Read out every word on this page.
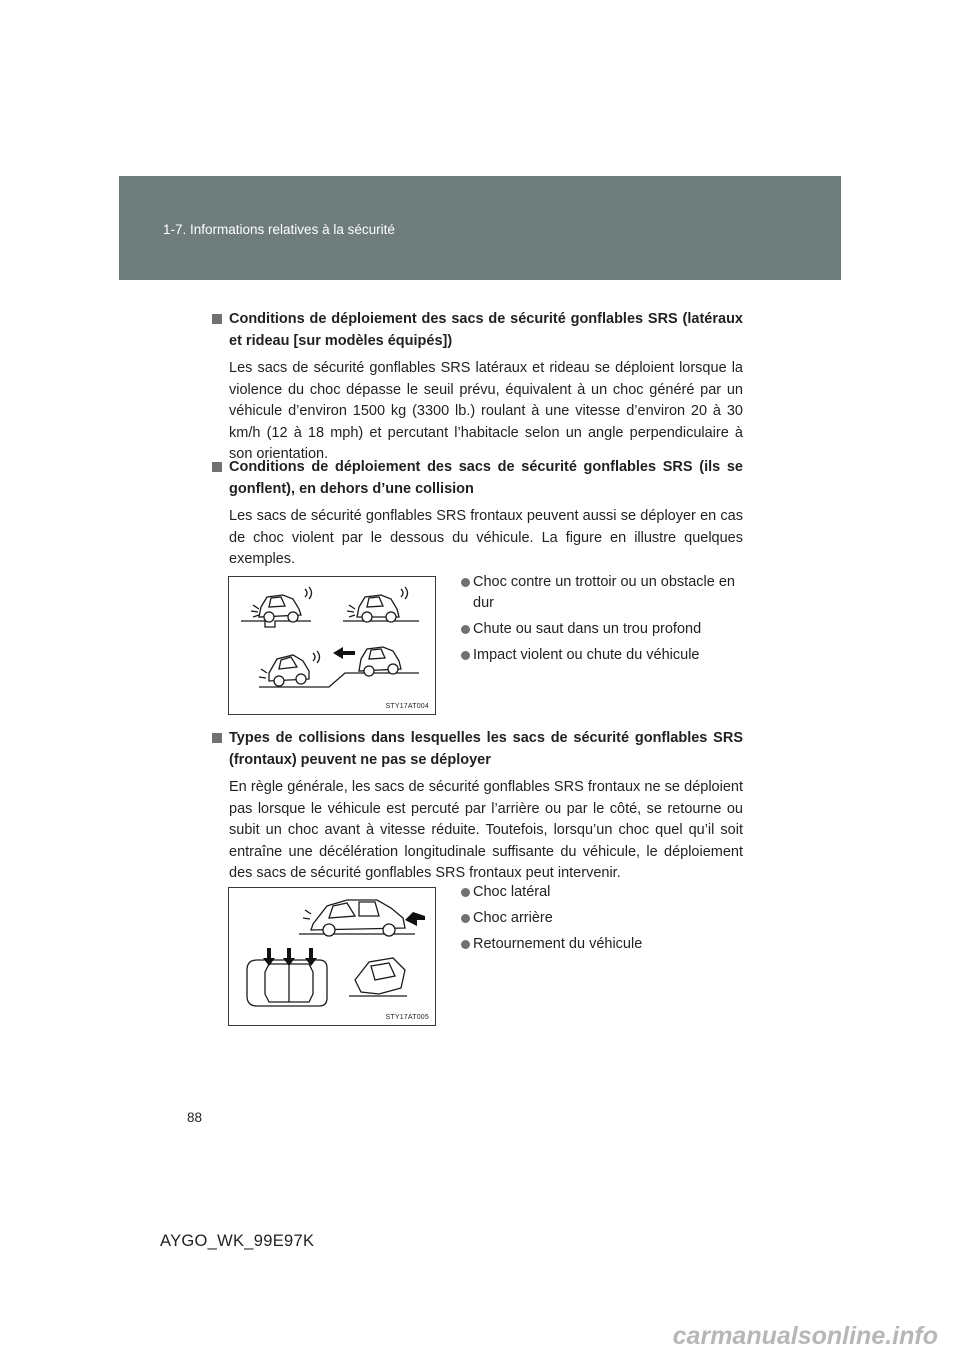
1-7. Informations relatives à la sécurité
Conditions de déploiement des sacs de sécurité gonflables SRS (latéraux et rideau [sur modèles équipés])
Les sacs de sécurité gonflables SRS latéraux et rideau se déploient lorsque la violence du choc dépasse le seuil prévu, équivalent à un choc généré par un véhicule d’environ 1500 kg (3300 lb.) roulant à une vitesse d’environ 20 à 30 km/h (12 à 18 mph) et percutant l’habitacle selon un angle perpendiculaire à son orientation.
Conditions de déploiement des sacs de sécurité gonflables SRS (ils se gonflent), en dehors d’une collision
Les sacs de sécurité gonflables SRS frontaux peuvent aussi se déployer en cas de choc violent par le dessous du véhicule. La figure en illustre quelques exemples.
STY17AT004
Choc contre un trottoir ou un obstacle en dur
Chute ou saut dans un trou profond
Impact violent ou chute du véhicule
Types de collisions dans lesquelles les sacs de sécurité gonflables SRS (frontaux) peuvent ne pas se déployer
En règle générale, les sacs de sécurité gonflables SRS frontaux ne se déploient pas lorsque le véhicule est percuté par l’arrière ou par le côté, se retourne ou subit un choc avant à vitesse réduite. Toutefois, lorsqu’un choc quel qu’il soit entraîne une décélération longitudinale suffisante du véhicule, le déploiement des sacs de sécurité gonflables SRS frontaux peut intervenir.
STY17AT005
Choc latéral
Choc arrière
Retournement du véhicule
88
AYGO_WK_99E97K
carmanualsonline.info
